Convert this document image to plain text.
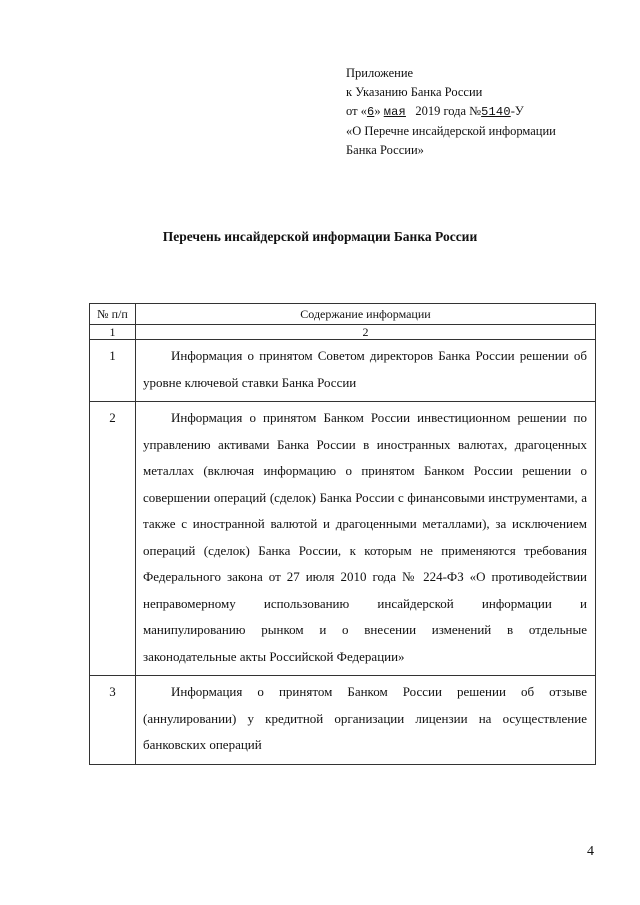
Приложение
к Указанию Банка России
от «6» мая   2019 года №5140-У
«О Перечне инсайдерской информации
Банка России»
Перечень инсайдерской информации Банка России
№ п/п	Содержание информации
1	2
1	Информация о принятом Советом директоров Банка России решении об уровне ключевой ставки Банка России
2	Информация о принятом Банком России инвестиционном решении по управлению активами Банка России в иностранных валютах, драгоценных металлах (включая информацию о принятом Банком России решении о совершении операций (сделок) Банка России с финансовыми инструментами, а также с иностранной валютой и драгоценными металлами), за исключением операций (сделок) Банка России, к которым не применяются требования Федерального закона от 27 июля 2010 года № 224-ФЗ «О противодействии неправомерному использованию инсайдерской информации и манипулированию рынком и о внесении изменений в отдельные законодательные акты Российской Федерации»
3	Информация о принятом Банком России решении об отзыве (аннулировании) у кредитной организации лицензии на осуществление банковских операций
4
